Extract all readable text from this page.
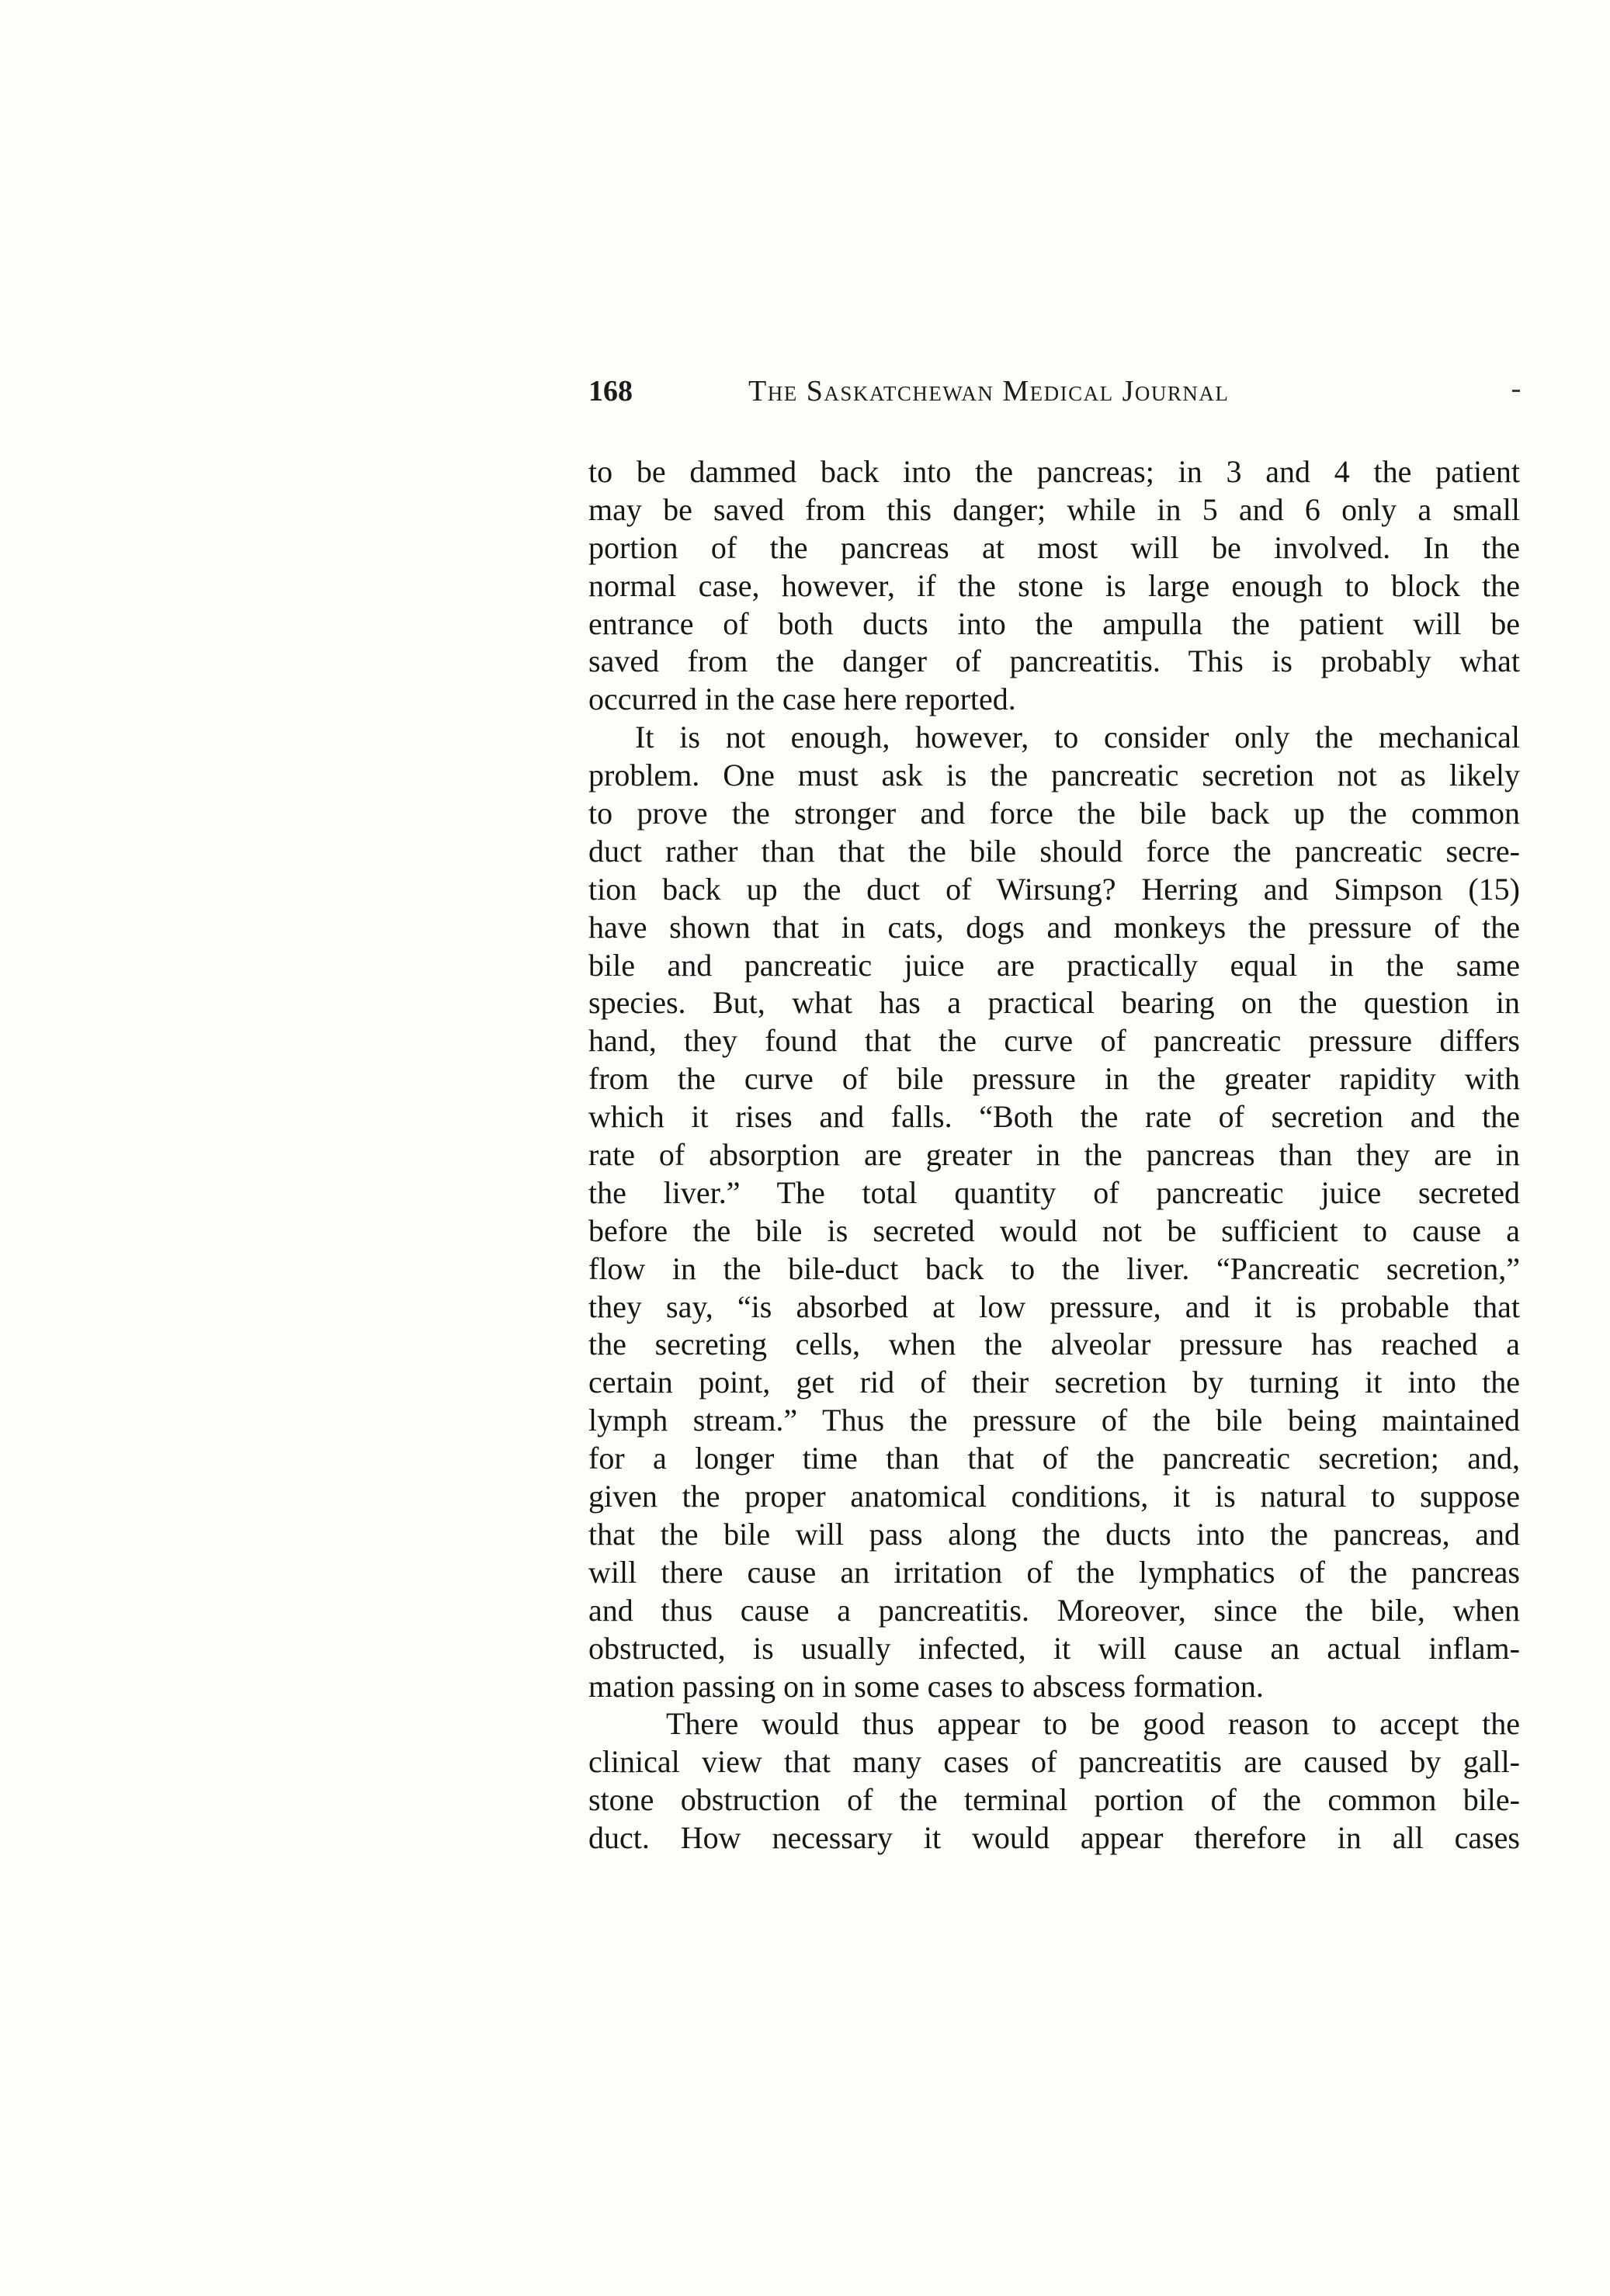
168	The Saskatchewan Medical Journal
to be dammed back into the pancreas; in 3 and 4 the patient
may be saved from this danger; while in 5 and 6 only a small
portion of the pancreas at most will be involved. In the
normal case, however, if the stone is large enough to block the
entrance of both ducts into the ampulla the patient will be
saved from the danger of pancreatitis. This is probably what
occurred in the case here reported.
It is not enough, however, to consider only the mechanical
problem. One must ask is the pancreatic secretion not as likely
to prove the stronger and force the bile back up the common
duct rather than that the bile should force the pancreatic secre-
tion back up the duct of Wirsung? Herring and Simpson (15)
have shown that in cats, dogs and monkeys the pressure of the
bile and pancreatic juice are practically equal in the same
species. But, what has a practical bearing on the question in
hand, they found that the curve of pancreatic pressure differs
from the curve of bile pressure in the greater rapidity with
which it rises and falls. “Both the rate of secretion and the
rate of absorption are greater in the pancreas than they are in
the liver.” The total quantity of pancreatic juice secreted
before the bile is secreted would not be sufficient to cause a
flow in the bile-duct back to the liver. “Pancreatic secretion,”
they say, “is absorbed at low pressure, and it is probable that
the secreting cells, when the alveolar pressure has reached a
certain point, get rid of their secretion by turning it into the
lymph stream.” Thus the pressure of the bile being maintained
for a longer time than that of the pancreatic secretion; and,
given the proper anatomical conditions, it is natural to suppose
that the bile will pass along the ducts into the pancreas, and
will there cause an irritation of the lymphatics of the pancreas
and thus cause a pancreatitis. Moreover, since the bile, when
obstructed, is usually infected, it will cause an actual inflam-
mation passing on in some cases to abscess formation.
There would thus appear to be good reason to accept the
clinical view that many cases of pancreatitis are caused by gall-
stone obstruction of the terminal portion of the common bile-
duct. How necessary it would appear therefore in all cases
